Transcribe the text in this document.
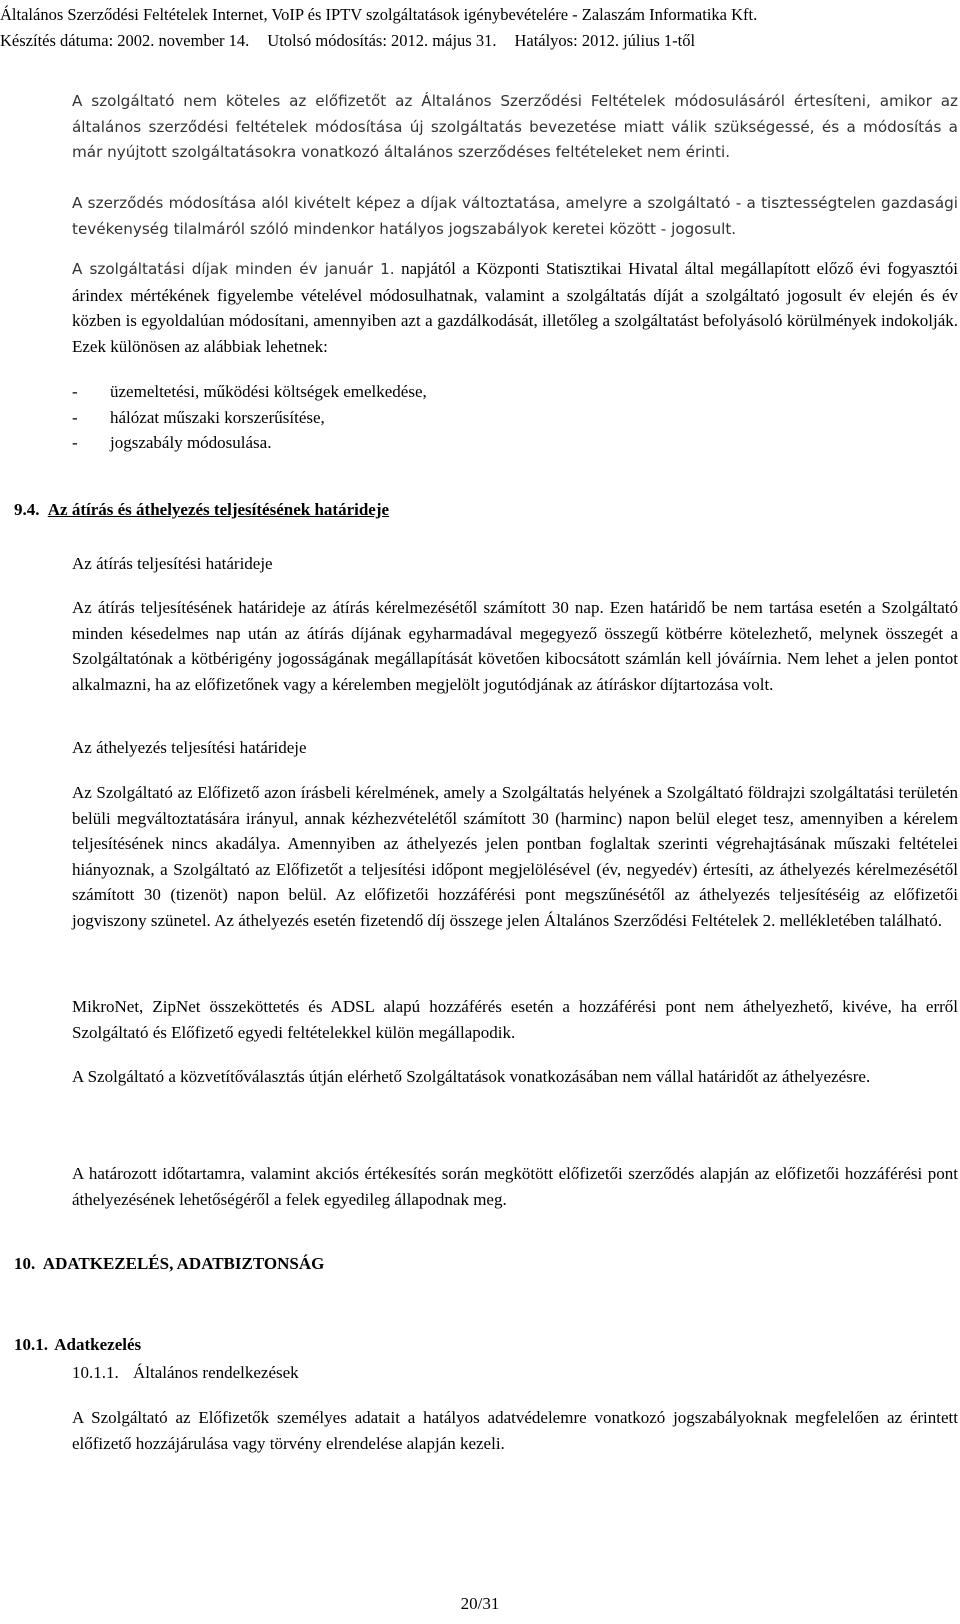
Általános Szerződési Feltételek Internet, VoIP és IPTV szolgáltatások igénybevételére - Zalaszám Informatika Kft.
Készítés dátuma: 2002. november 14. Utolsó módosítás: 2012. május 31. Hatályos: 2012. július 1-től

A szolgáltató nem köteles az előfizetőt az Általános Szerződési Feltételek módosulásáról értesíteni, amikor az általános szerződési feltételek módosítása új szolgáltatás bevezetése miatt válik szükségessé, és a módosítás a már nyújtott szolgáltatásokra vonatkozó általános szerződéses feltételeket nem érinti.

A szerződés módosítása alól kivételt képez a díjak változtatása, amelyre a szolgáltató - a tisztességtelen gazdasági tevékenység tilalmáról szóló mindenkor hatályos jogszabályok keretei között - jogosult.

A szolgáltatási díjak minden év január 1. napjától a Központi Statisztikai Hivatal által megállapított előző évi fogyasztói árindex mértékének figyelembe vételével módosulhatnak, valamint a szolgáltatás díját a szolgáltató jogosult év elején és év közben is egyoldalúan módosítani, amennyiben azt a gazdálkodását, illetőleg a szolgáltatást befolyásoló körülmények indokolják. Ezek különösen az alábbiak lehetnek:

- üzemeltetési, működési költségek emelkedése,
- hálózat műszaki korszerűsítése,
- jogszabály módosulása.
9.4. Az átírás és áthelyezés teljesítésének határideje
Az átírás teljesítési határideje

Az átírás teljesítésének határideje az átírás kérelmezésétől számított 30 nap. Ezen határidő be nem tartása esetén a Szolgáltató minden késedelmes nap után az átírás díjának egyharmadával megegyező összegű kötbérre kötelezhető, melynek összegét a Szolgáltatónak a kötbérigény jogosságának megállapítását követően kibocsátott számlán kell jóváírnia. Nem lehet a jelen pontot alkalmazni, ha az előfizetőnek vagy a kérelemben megjelölt jogutódjának az átíráskor díjtartozása volt.

Az áthelyezés teljesítési határideje

Az Szolgáltató az Előfizető azon írásbeli kérelmének, amely a Szolgáltatás helyének a Szolgáltató földrajzi szolgáltatási területén belüli megváltoztatására irányul, annak kézhezvételétől számított 30 (harminc) napon belül eleget tesz, amennyiben a kérelem teljesítésének nincs akadálya. Amennyiben az áthelyezés jelen pontban foglaltak szerinti végrehajtásának műszaki feltételei hiányoznak, a Szolgáltató az Előfizetőt a teljesítési időpont megjelölésével (év, negyedév) értesíti, az áthelyezés kérelmezésétől számított 30 (tizenöt) napon belül. Az előfizetői hozzáférési pont megszűnésétől az áthelyezés teljesítéséig az előfizetői jogviszony szünetel. Az áthelyezés esetén fizetendő díj összege jelen Általános Szerződési Feltételek 2. mellékletében található.

MikroNet, ZipNet összeköttetés és ADSL alapú hozzáférés esetén a hozzáférési pont nem áthelyezhető, kivéve, ha erről Szolgáltató és Előfizető egyedi feltételekkel külön megállapodik.

A Szolgáltató a közvetítőválasztás útján elérhető Szolgáltatások vonatkozásában nem vállal határidőt az áthelyezésre.

A határozott időtartamra, valamint akciós értékesítés során megkötött előfizetői szerződés alapján az előfizetői hozzáférési pont áthelyezésének lehetőségéről a felek egyedileg állapodnak meg.

10.  ADATKEZELÉS, ADATBIZTONSÁG
10.1. Adatkezelés
10.1.1. Általános rendelkezések

A Szolgáltató az Előfizetők személyes adatait a hatályos adatvédelemre vonatkozó jogszabályoknak megfelelően az érintett előfizető hozzájárulása vagy törvény elrendelése alapján kezeli.

20/31
